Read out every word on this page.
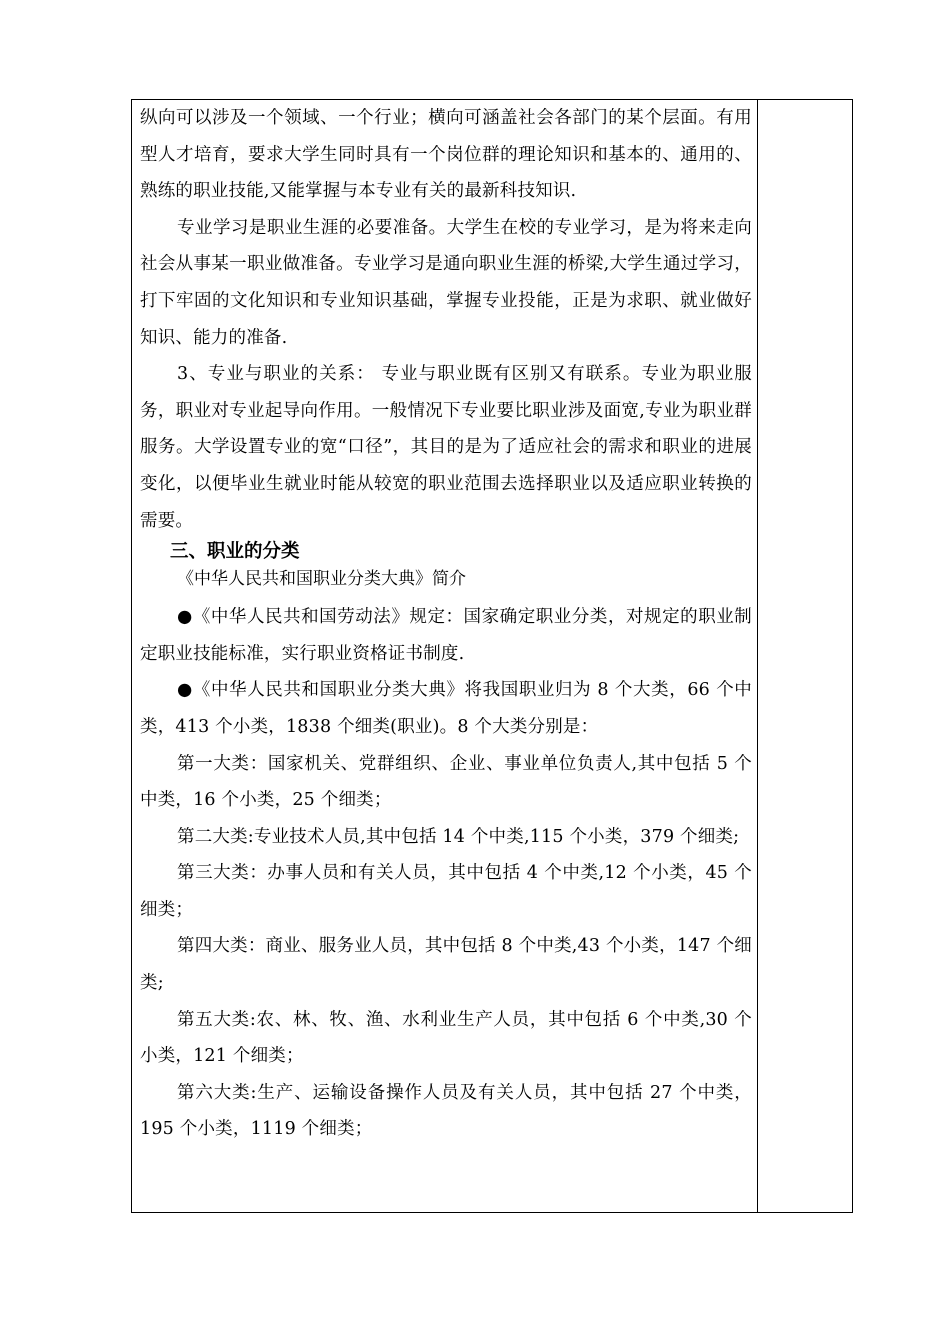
纵向可以涉及一个领域、一个行业；横向可涵盖社会各部门的某个层面。有用型人才培育，要求大学生同时具有一个岗位群的理论知识和基本的、通用的、熟练的职业技能,又能掌握与本专业有关的最新科技知识.

专业学习是职业生涯的必要准备。大学生在校的专业学习，是为将来走向社会从事某一职业做准备。专业学习是通向职业生涯的桥梁,大学生通过学习，打下牢固的文化知识和专业知识基础，掌握专业投能，正是为求职、就业做好知识、能力的准备.

3、专业与职业的关系： 专业与职业既有区别又有联系。专业为职业服务，职业对专业起导向作用。一般情况下专业要比职业涉及面宽,专业为职业群服务。大学设置专业的宽“口径”，其目的是为了适应社会的需求和职业的进展变化，以便毕业生就业时能从较宽的职业范围去选择职业以及适应职业转换的需要。

三、职业的分类

《中华人民共和国职业分类大典》简介

●《中华人民共和国劳动法》规定：国家确定职业分类，对规定的职业制定职业技能标准，实行职业资格证书制度.

●《中华人民共和国职业分类大典》将我国职业归为 8 个大类，66 个中类，413 个小类，1838 个细类(职业)。8 个大类分别是：

第一大类：国家机关、党群组织、企业、事业单位负责人,其中包括 5 个中类，16 个小类，25 个细类；

第二大类:专业技术人员,其中包括 14 个中类,115 个小类，379 个细类;

第三大类：办事人员和有关人员，其中包括 4 个中类,12 个小类，45 个细类；

第四大类：商业、服务业人员，其中包括 8 个中类,43 个小类，147 个细类;

第五大类:农、林、牧、渔、水利业生产人员，其中包括 6 个中类,30 个小类，121 个细类；

第六大类:生产、运输设备操作人员及有关人员，其中包括 27 个中类，195 个小类，1119 个细类；
